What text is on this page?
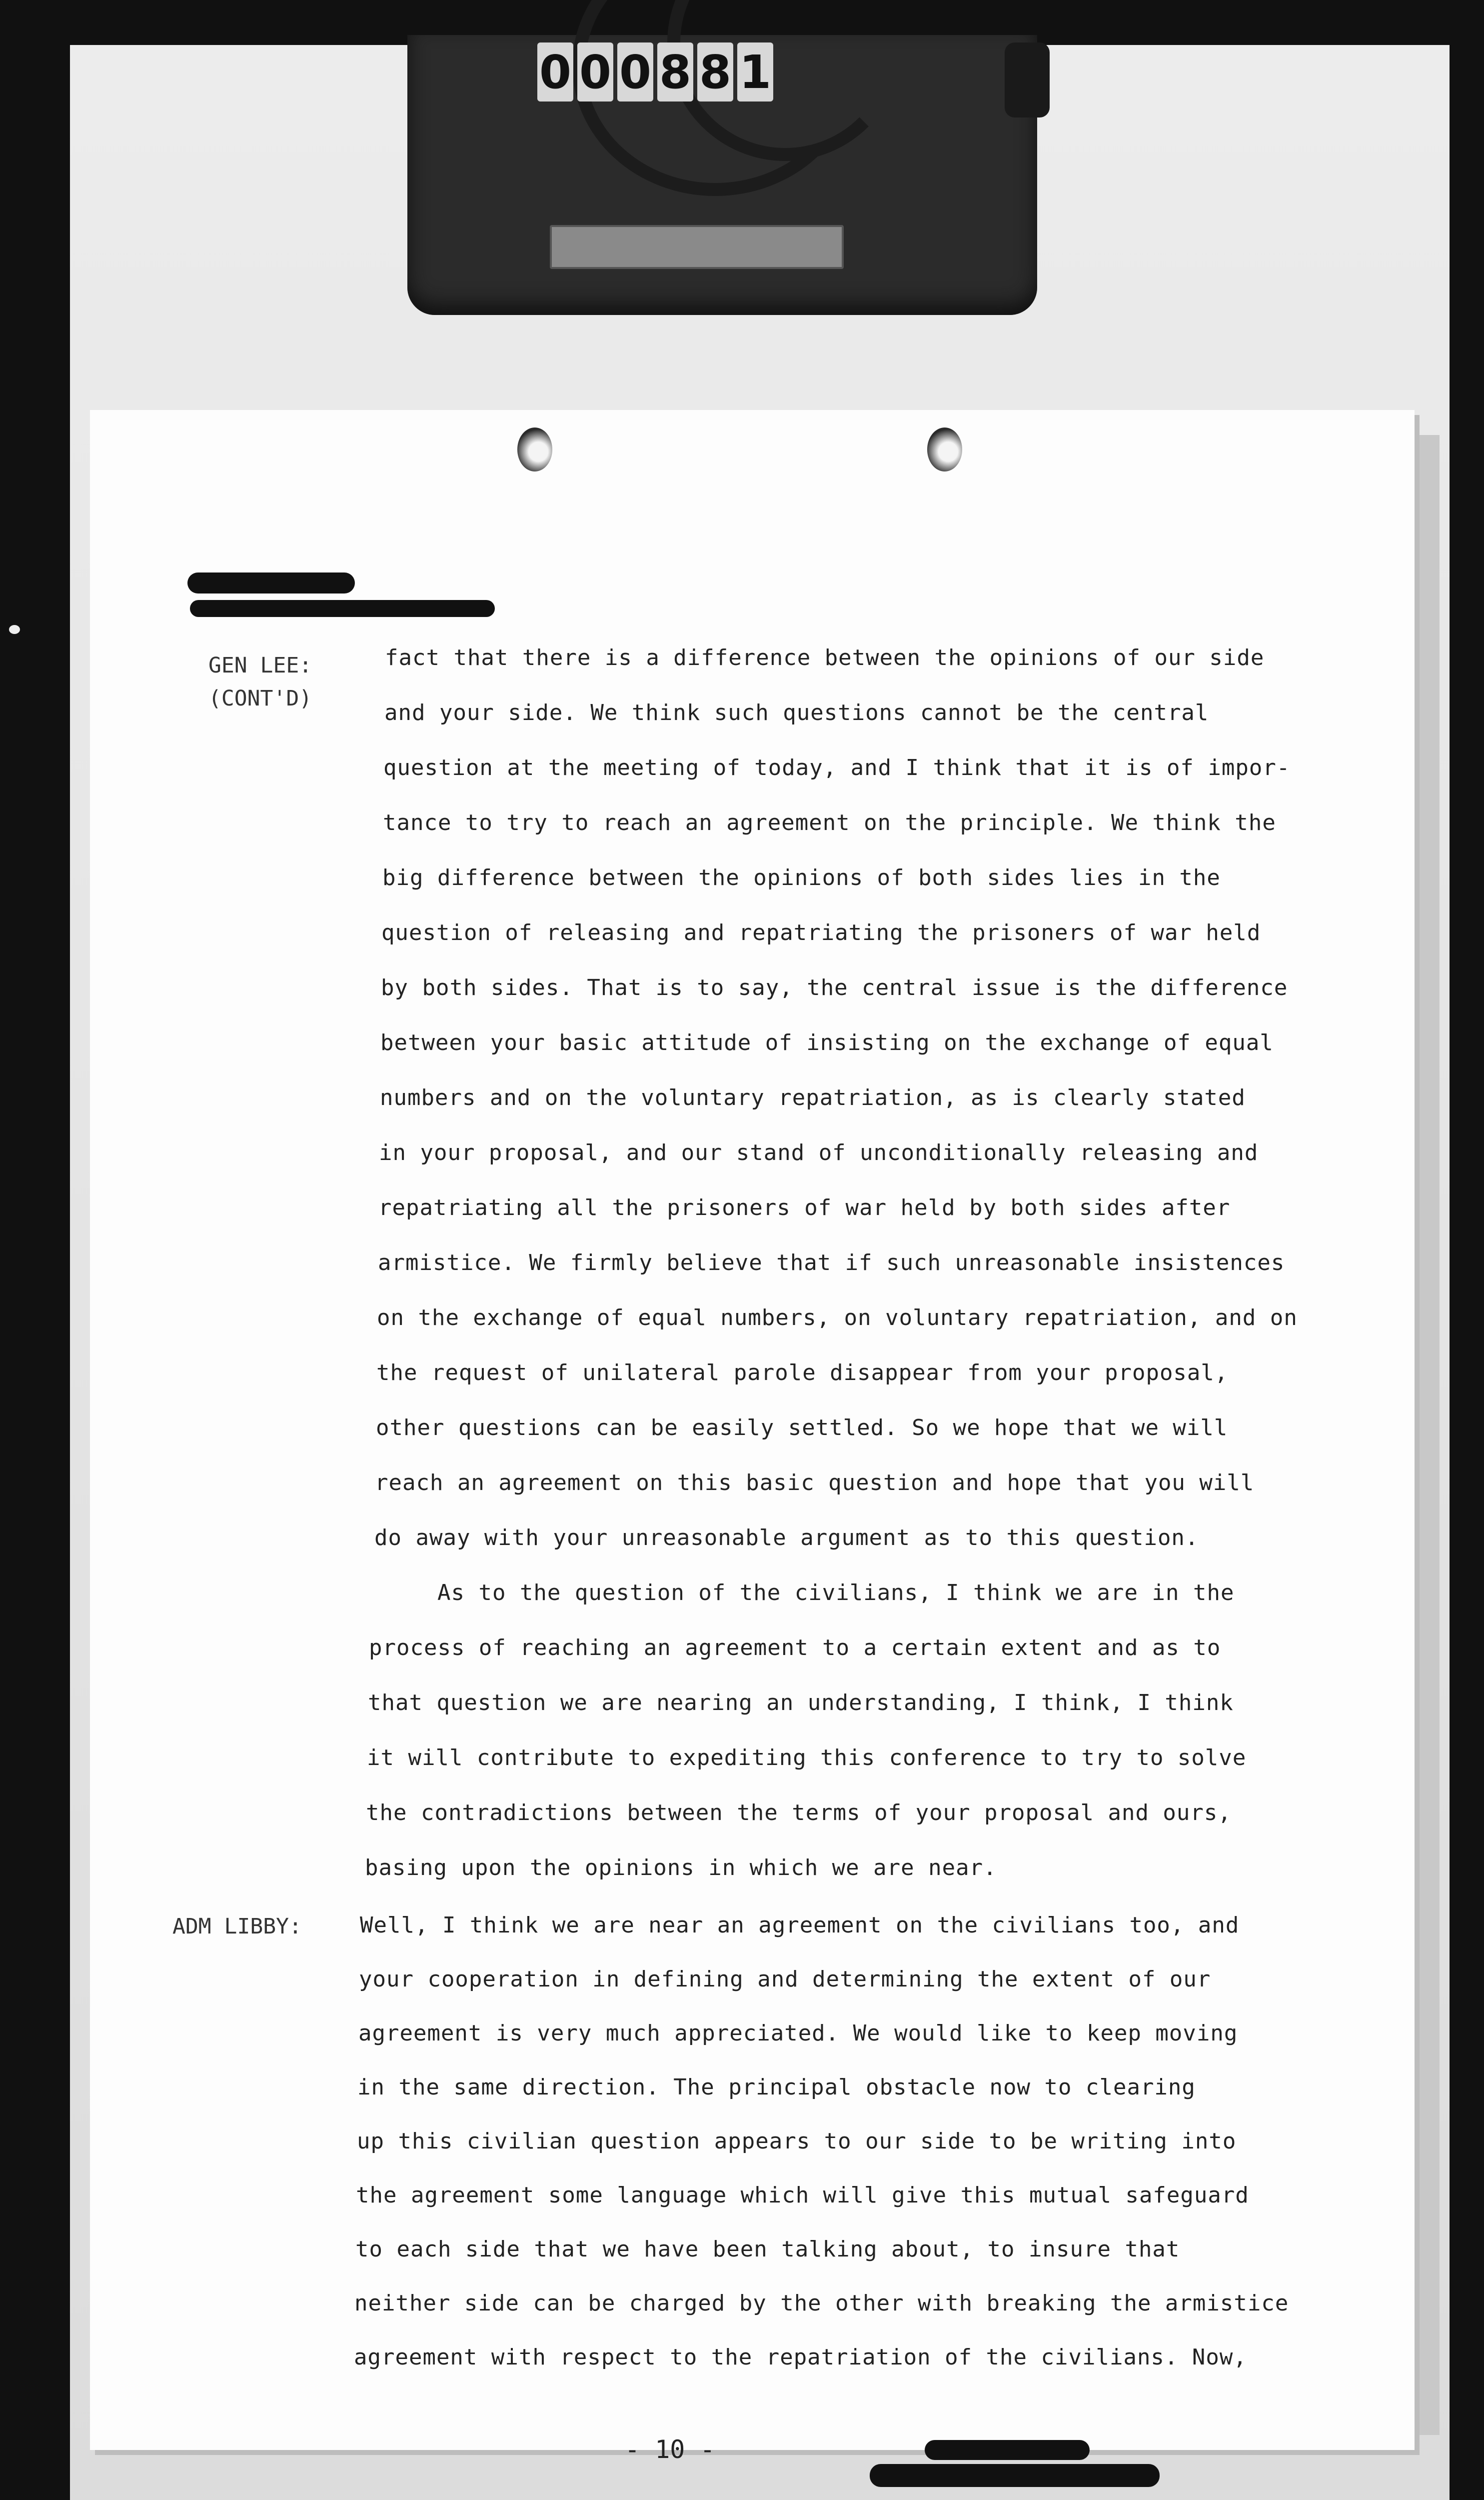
0 0 0 8 8 1
GEN LEE:
(CONT'D)
ADM LIBBY:
fact that there is a difference between the opinions of our side
and your side. We think such questions cannot be the central
question at the meeting of today, and I think that it is of impor-
tance to try to reach an agreement on the principle. We think the
big difference between the opinions of both sides lies in the
question of releasing and repatriating the prisoners of war held
by both sides. That is to say, the central issue is the difference
between your basic attitude of insisting on the exchange of equal
numbers and on the voluntary repatriation, as is clearly stated
in your proposal, and our stand of unconditionally releasing and
repatriating all the prisoners of war held by both sides after
armistice. We firmly believe that if such unreasonable insistences
on the exchange of equal numbers, on voluntary repatriation, and on
the request of unilateral parole disappear from your proposal,
other questions can be easily settled. So we hope that we will
reach an agreement on this basic question and hope that you will
do away with your unreasonable argument as to this question.
As to the question of the civilians, I think we are in the
process of reaching an agreement to a certain extent and as to
that question we are nearing an understanding, I think, I think
it will contribute to expediting this conference to try to solve
the contradictions between the terms of your proposal and ours,
basing upon the opinions in which we are near.
Well, I think we are near an agreement on the civilians too, and
your cooperation in defining and determining the extent of our
agreement is very much appreciated. We would like to keep moving
in the same direction. The principal obstacle now to clearing
up this civilian question appears to our side to be writing into
the agreement some language which will give this mutual safeguard
to each side that we have been talking about, to insure that
neither side can be charged by the other with breaking the armistice
agreement with respect to the repatriation of the civilians. Now,
- 10 -
